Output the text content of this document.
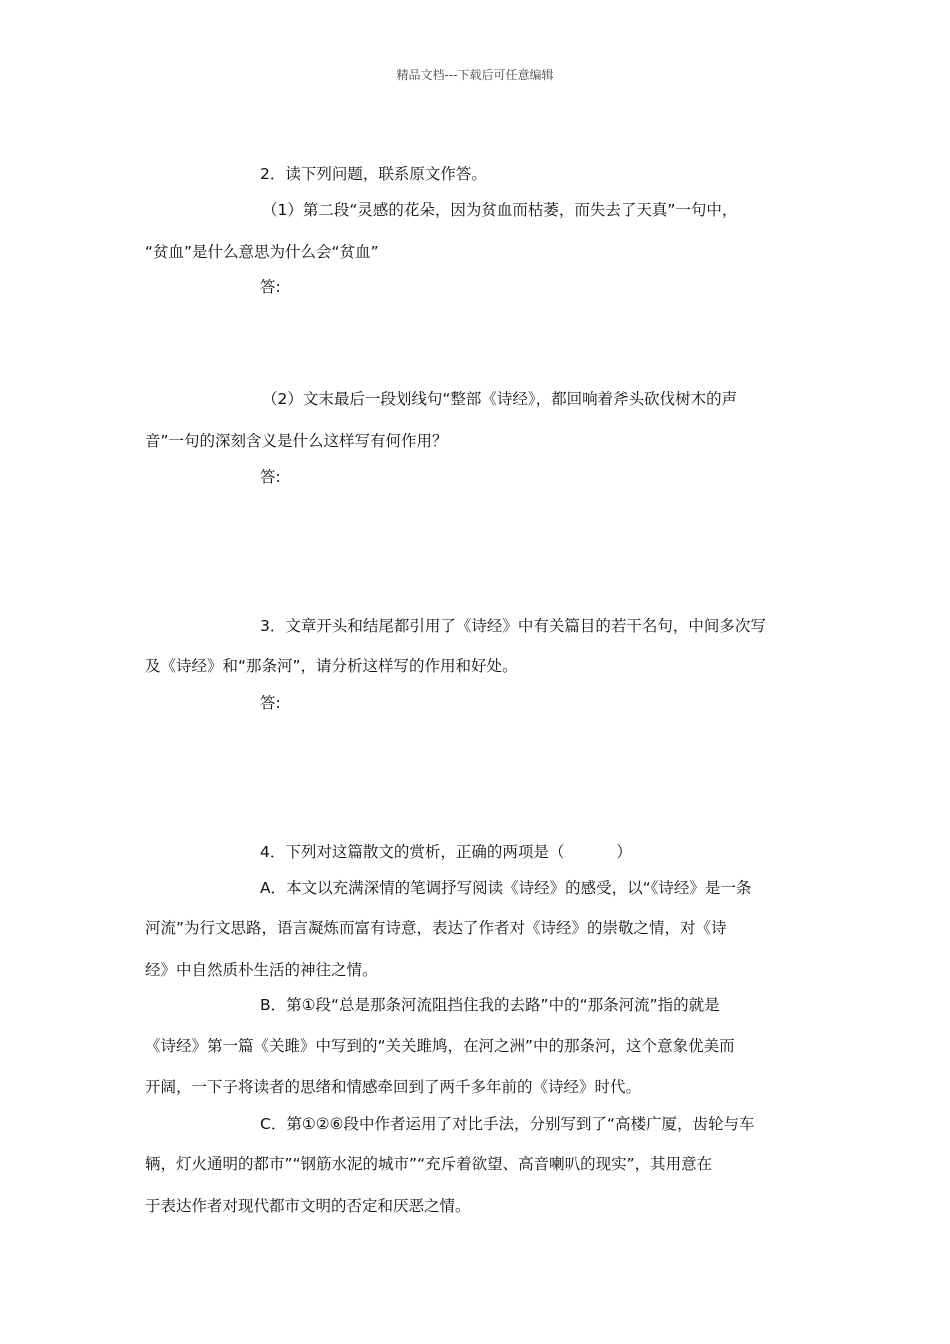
精品文档---下载后可任意编辑
2．读下列问题，联系原文作答。
（1）第二段“灵感的花朵，因为贫血而枯萎，而失去了天真”一句中，
“贫血”是什么意思为什么会“贫血”
答:
（2）文末最后一段划线句“整部《诗经》，都回响着斧头砍伐树木的声
音”一句的深刻含义是什么这样写有何作用？
答:
3．文章开头和结尾都引用了《诗经》中有关篇目的若干名句，中间多次写
及《诗经》和“那条河”，请分析这样写的作用和好处。
答:
4．下列对这篇散文的赏析，正确的两项是（	）
A．本文以充满深情的笔调抒写阅读《诗经》的感受，以“《诗经》是一条
河流”为行文思路，语言凝炼而富有诗意，表达了作者对《诗经》的崇敬之情，对《诗
经》中自然质朴生活的神往之情。
B．第①段“总是那条河流阻挡住我的去路”中的“那条河流”指的就是
《诗经》第一篇《关雎》中写到的“关关雎鸠，在河之洲”中的那条河，这个意象优美而
开阔，一下子将读者的思绪和情感牵回到了两千多年前的《诗经》时代。
C．第①②⑥段中作者运用了对比手法，分别写到了“高楼广厦，齿轮与车
辆，灯火通明的都市”“钢筋水泥的城市”“充斥着欲望、高音喇叭的现实”，其用意在
于表达作者对现代都市文明的否定和厌恶之情。
